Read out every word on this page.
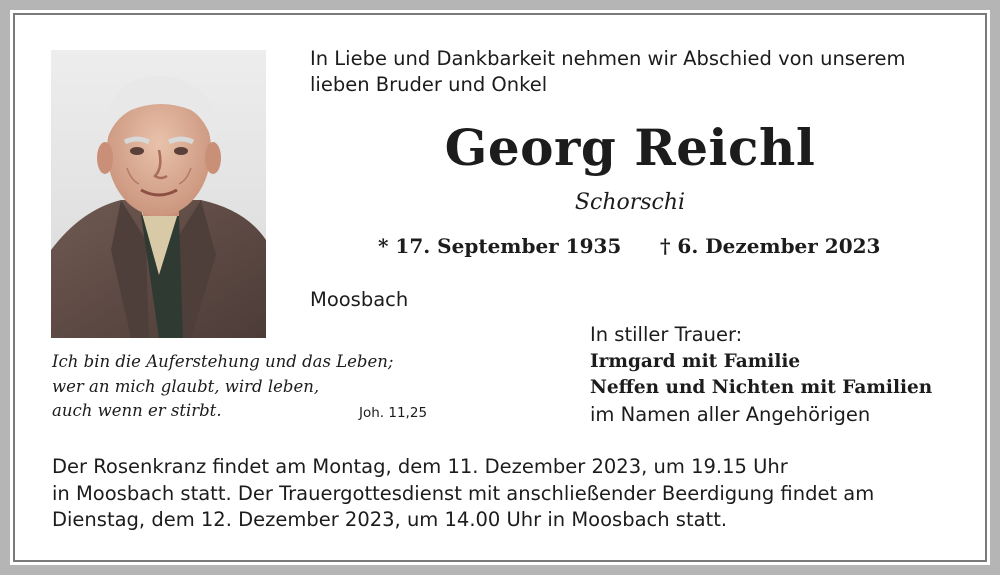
In Liebe und Dankbarkeit nehmen wir Abschied von unserem
lieben Bruder und Onkel
Georg Reichl
Schorschi
* 17. September 1935 † 6. Dezember 2023
Moosbach
Ich bin die Auferstehung und das Leben;
wer an mich glaubt, wird leben,
auch wenn er stirbt.	Joh. 11,25
In stiller Trauer:
Irmgard mit Familie
Neffen und Nichten mit Familien
im Namen aller Angehörigen
Der Rosenkranz findet am Montag, dem 11. Dezember 2023, um 19.15 Uhr
in Moosbach statt. Der Trauergottesdienst mit anschließender Beerdigung findet am
Dienstag, dem 12. Dezember 2023, um 14.00 Uhr in Moosbach statt.
